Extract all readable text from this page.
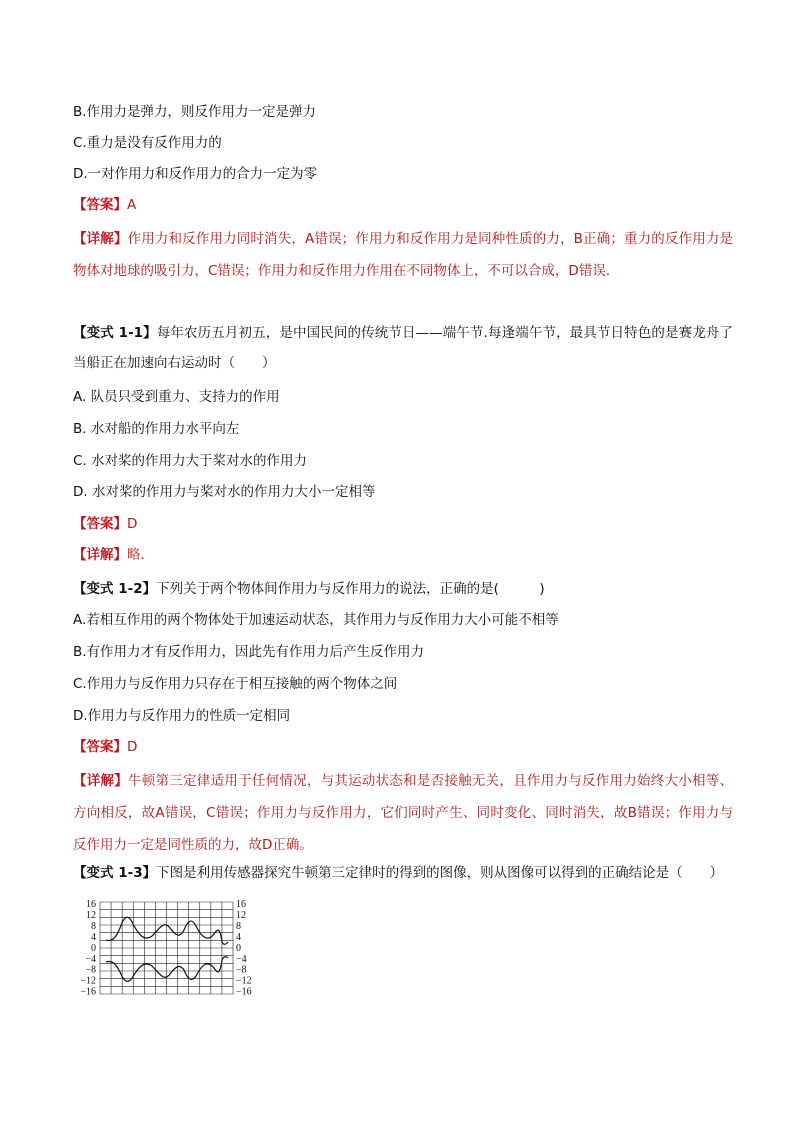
B.作用力是弹力，则反作用力一定是弹力
C.重力是没有反作用力的
D.一对作用力和反作用力的合力一定为零
【答案】A
【详解】作用力和反作用力同时消失，A错误；作用力和反作用力是同种性质的力，B正确；重力的反作用力是物体对地球的吸引力，C错误；作用力和反作用力作用在不同物体上，不可以合成，D错误．
【变式 1-1】每年农历五月初五，是中国民间的传统节日——端午节.每逢端午节，最具节日特色的是赛龙舟了当船正在加速向右运动时（　　）
A. 队员只受到重力、支持力的作用
B. 水对船的作用力水平向左
C. 水对桨的作用力大于桨对水的作用力
D. 水对桨的作用力与桨对水的作用力大小一定相等
【答案】D
【详解】略．
【变式 1-2】下列关于两个物体间作用力与反作用力的说法，正确的是(　　　)
A.若相互作用的两个物体处于加速运动状态，其作用力与反作用力大小可能不相等
B.有作用力才有反作用力，因此先有作用力后产生反作用力
C.作用力与反作用力只存在于相互接触的两个物体之间
D.作用力与反作用力的性质一定相同
【答案】D
【详解】牛顿第三定律适用于任何情况，与其运动状态和是否接触无关，且作用力与反作用力始终大小相等、方向相反，故A错误，C错误；作用力与反作用力，它们同时产生、同时变化、同时消失，故B错误；作用力与反作用力一定是同性质的力，故D正确。
【变式 1-3】下图是利用传感器探究牛顿第三定律时的得到的图像，则从图像可以得到的正确结论是（　　）
16
12
8
4
0
−4
−8
−12
−16
16
12
8
4
0
−4
−8
−12
−16
